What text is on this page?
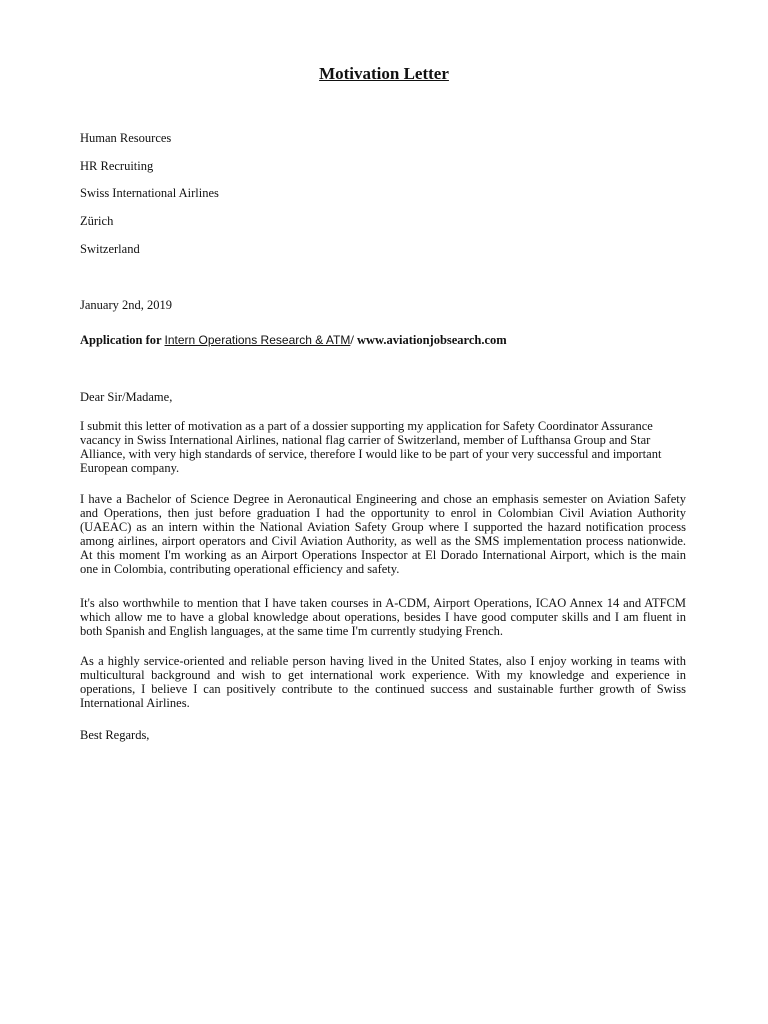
Motivation Letter
Human Resources
HR Recruiting
Swiss International Airlines
Zürich
Switzerland
January 2nd, 2019
Application for Intern Operations Research & ATM/ www.aviationjobsearch.com
Dear Sir/Madame,

I submit this letter of motivation as a part of a dossier supporting my application for Safety Coordinator Assurance vacancy in Swiss International Airlines, national flag carrier of Switzerland, member of Lufthansa Group and Star Alliance, with very high standards of service, therefore I would like to be part of your very successful and important European company.

I have a Bachelor of Science Degree in Aeronautical Engineering and chose an emphasis semester on Aviation Safety and Operations, then just before graduation I had the opportunity to enrol in Colombian Civil Aviation Authority (UAEAC) as an intern within the National Aviation Safety Group where I supported the hazard notification process among airlines, airport operators and Civil Aviation Authority, as well as the SMS implementation process nationwide. At this moment I'm working as an Airport Operations Inspector at El Dorado International Airport, which is the main one in Colombia, contributing operational efficiency and safety.

It's also worthwhile to mention that I have taken courses in A-CDM, Airport Operations, ICAO Annex 14 and ATFCM which allow me to have a global knowledge about operations, besides I have good computer skills and I am fluent in both Spanish and English languages, at the same time I'm currently studying French.

As a highly service-oriented and reliable person having lived in the United States, also I enjoy working in teams with multicultural background and wish to get international work experience. With my knowledge and experience in operations, I believe I can positively contribute to the continued success and sustainable further growth of Swiss International Airlines.

Best Regards,
